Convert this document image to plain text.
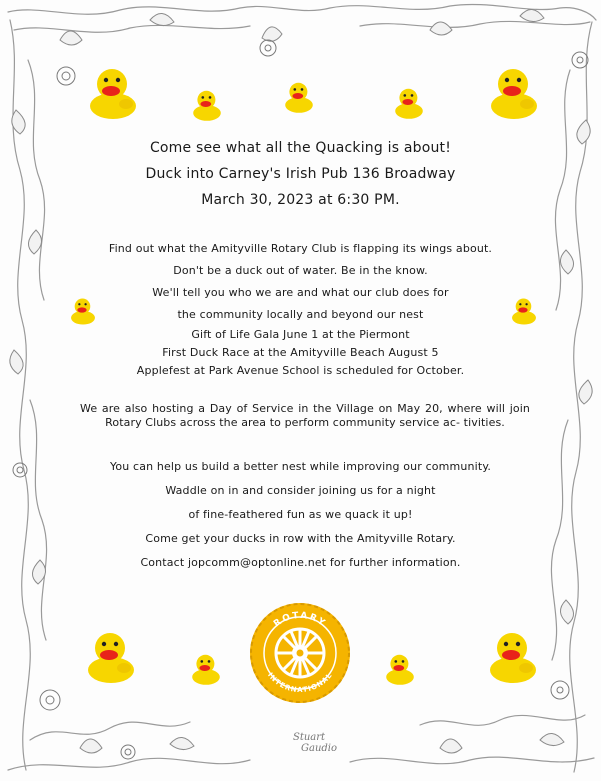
Come see what all the Quacking is about!
Duck into Carney's Irish Pub 136 Broadway
March 30, 2023 at 6:30 PM.
Find out what the Amityville Rotary Club is flapping its wings about.
Don't be a duck out of water. Be in the know.
We'll tell you who we are and what our club does for
the community locally and beyond our nest
Gift of Life Gala June 1 at the Piermont
First Duck Race at the Amityville Beach August 5
Applefest at Park Avenue School is scheduled for October.
We are also hosting a Day of Service in the Village on May 20, where will join Rotary Clubs across the area to perform community service ac- tivities.
You can help us build a better nest while improving our community.
Waddle on in and consider joining us for a night
of fine-feathered fun as we quack it up!
Come get your ducks in row with the Amityville Rotary.
Contact jopcomm@optonline.net for further information.
ROTARY
INTERNATIONAL
Stuart
Gaudio
